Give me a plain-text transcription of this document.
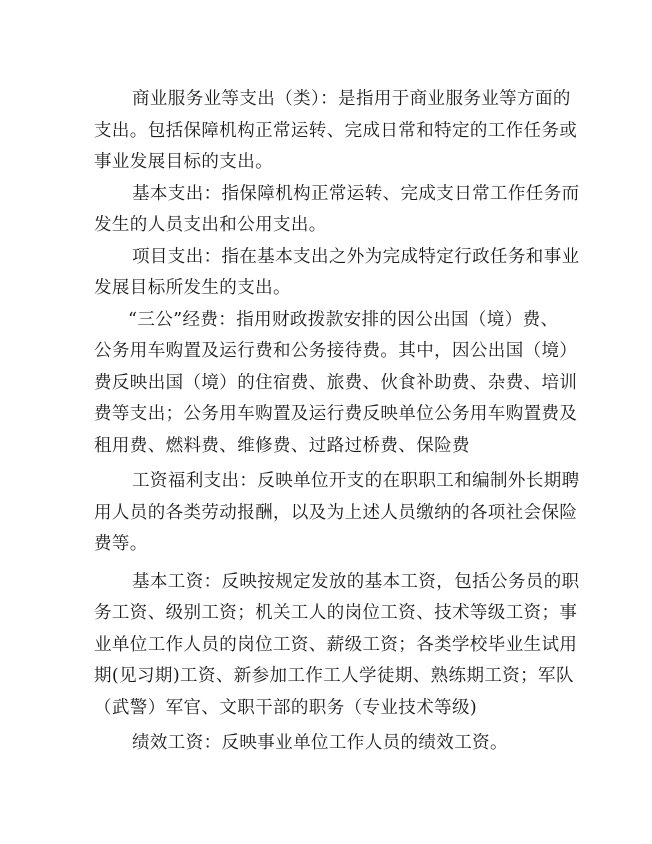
商业服务业等支出（类）：是指用于商业服务业等方面的
支出。包括保障机构正常运转、完成日常和特定的工作任务或
事业发展目标的支出。
基本支出：指保障机构正常运转、完成支日常工作任务而
发生的人员支出和公用支出。
项目支出：指在基本支出之外为完成特定行政任务和事业
发展目标所发生的支出。
“三公”经费：指用财政拨款安排的因公出国（境）费、
公务用车购置及运行费和公务接待费。其中，因公出国（境）
费反映出国（境）的住宿费、旅费、伙食补助费、杂费、培训
费等支出；公务用车购置及运行费反映单位公务用车购置费及
租用费、燃料费、维修费、过路过桥费、保险费
工资福利支出：反映单位开支的在职职工和编制外长期聘
用人员的各类劳动报酬，以及为上述人员缴纳的各项社会保险
费等。
基本工资：反映按规定发放的基本工资，包括公务员的职
务工资、级别工资；机关工人的岗位工资、技术等级工资；事
业单位工作人员的岗位工资、薪级工资；各类学校毕业生试用
期(见习期)工资、新参加工作工人学徒期、熟练期工资；军队
（武警）军官、文职干部的职务（专业技术等级)
绩效工资：反映事业单位工作人员的绩效工资。
